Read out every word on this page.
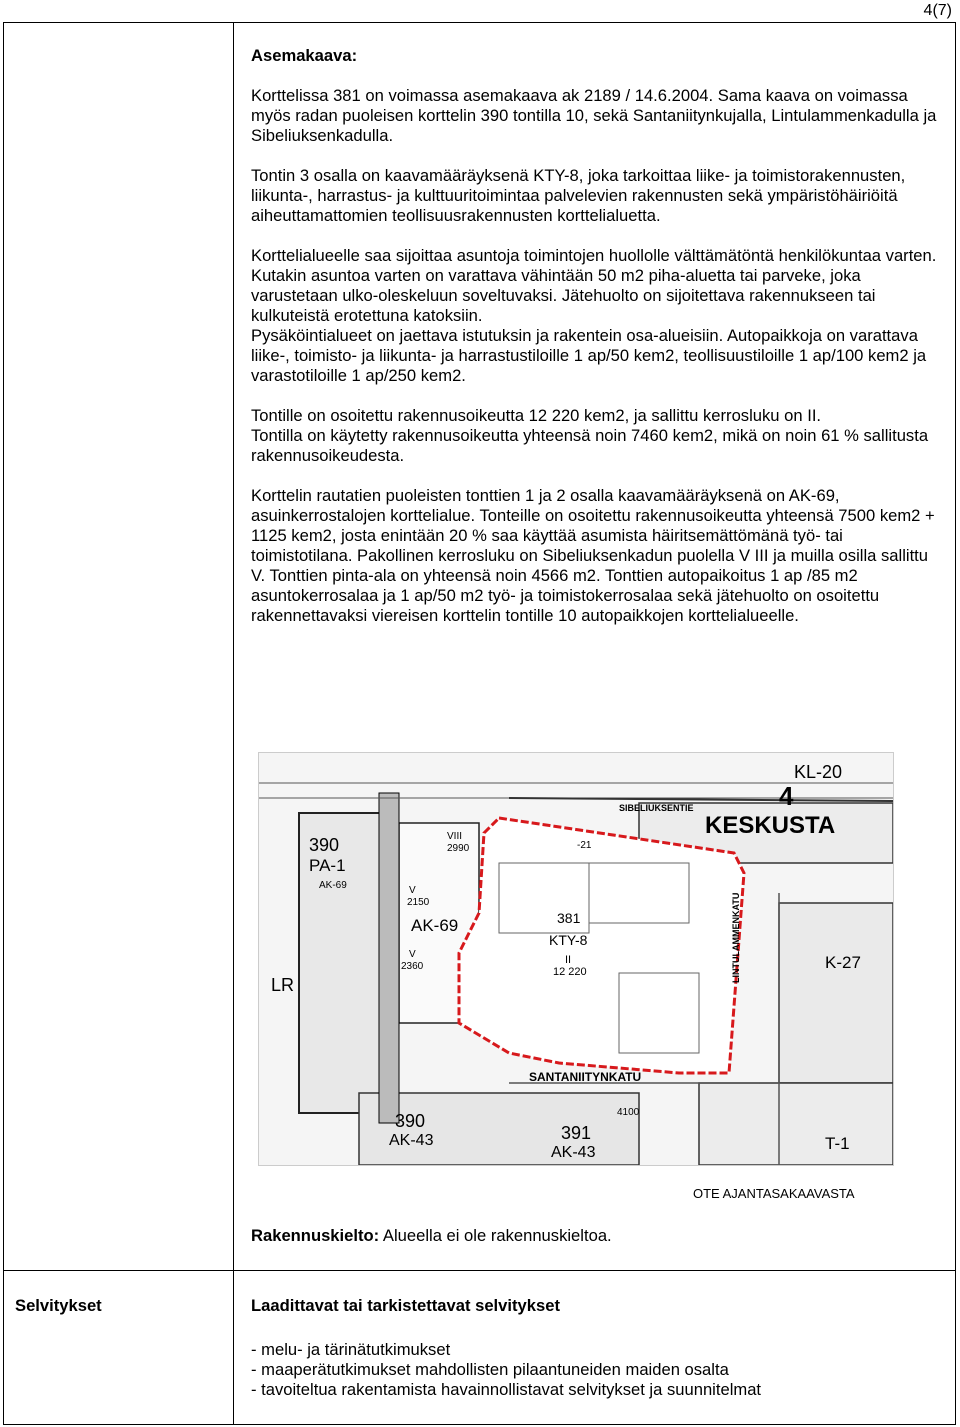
4(7)
Asemakaava:

Korttelissa 381 on voimassa asemakaava ak 2189 / 14.6.2004. Sama kaava on voimassa myös radan puoleisen korttelin 390 tontilla 10, sekä Santaniitynkujalla, Lintulammenkadulla ja Sibeliuksenkadulla.

Tontin 3 osalla on kaavamääräyksenä KTY-8, joka tarkoittaa liike- ja toimistorakennusten, liikunta-, harrastus- ja kulttuuritoimintaa palvelevien rakennusten sekä ympäristöhäiriöitä aiheuttamattomien teollisuusrakennusten korttelialuetta.

Korttelialueelle saa sijoittaa asuntoja toimintojen huollolle välttämätöntä henkilökuntaa varten. Kutakin asuntoa varten on varattava vähintään 50 m2 piha-aluetta tai parveke, joka varustetaan ulko-oleskeluun soveltuvaksi. Jätehuolto on sijoitettava rakennukseen tai kulkuteistä erotettuna katoksiin.

Pysäköintialueet on jaettava istutuksin ja rakentein osa-alueisiin. Autopaikkoja on varattava liike-, toimisto- ja liikunta- ja harrastustiloille 1 ap/50 kem2, teollisuustiloille 1 ap/100 kem2 ja varastotiloille 1 ap/250 kem2.

Tontille on osoitettu rakennusoikeutta 12 220 kem2, ja sallittu kerrosluku on II.

Tontilla on käytetty rakennusoikeutta yhteensä noin 7460 kem2, mikä on noin 61 % sallitusta rakennusoikeudesta.

Korttelin rautatien puoleisten tonttien 1 ja 2 osalla kaavamääräyksenä on AK-69, asuinkerrostalojen korttelialue. Tonteille on osoitettu rakennusoikeutta yhteensä 7500 kem2 + 1125 kem2, josta enintään 20 % saa käyttää asumista häiritsemättömänä työ- tai toimistotilana. Pakollinen kerrosluku on Sibeliuksenkadun puolella V III ja muilla osilla sallittu V. Tonttien pinta-ala on yhteensä noin 4566 m2. Tonttien autopaikoitus 1 ap /85 m2 asuntokerrosalaa ja 1 ap/50 m2 työ- ja toimistokerrosalaa sekä jätehuolto on osoitettu rakennettavaksi viereisen korttelin tontille 10 autopaikkojen korttelialueelle.

4
KESKUSTA
KL-20
SIBELIUKSENTIE
SANTANIITYNKATU
LINTULAMMENKATU
381
KTY-8
II
12 220
390
PA-1
AK-69
AK-69
VIII
2990
V
2150
V
2360	K-27
LR
390
AK-43	391
AK-43
4100
T-1
-21
OTE AJANTASAKAAVASTA
Rakennuskielto: Alueella ei ole rakennuskieltoa.
Selvitykset	Laadittavat tai tarkistettavat selvitykset
- melu- ja tärinätutkimukset
- maaperätutkimukset mahdollisten pilaantuneiden maiden osalta
- tavoiteltua rakentamista havainnollistavat selvitykset ja suunnitelmat
